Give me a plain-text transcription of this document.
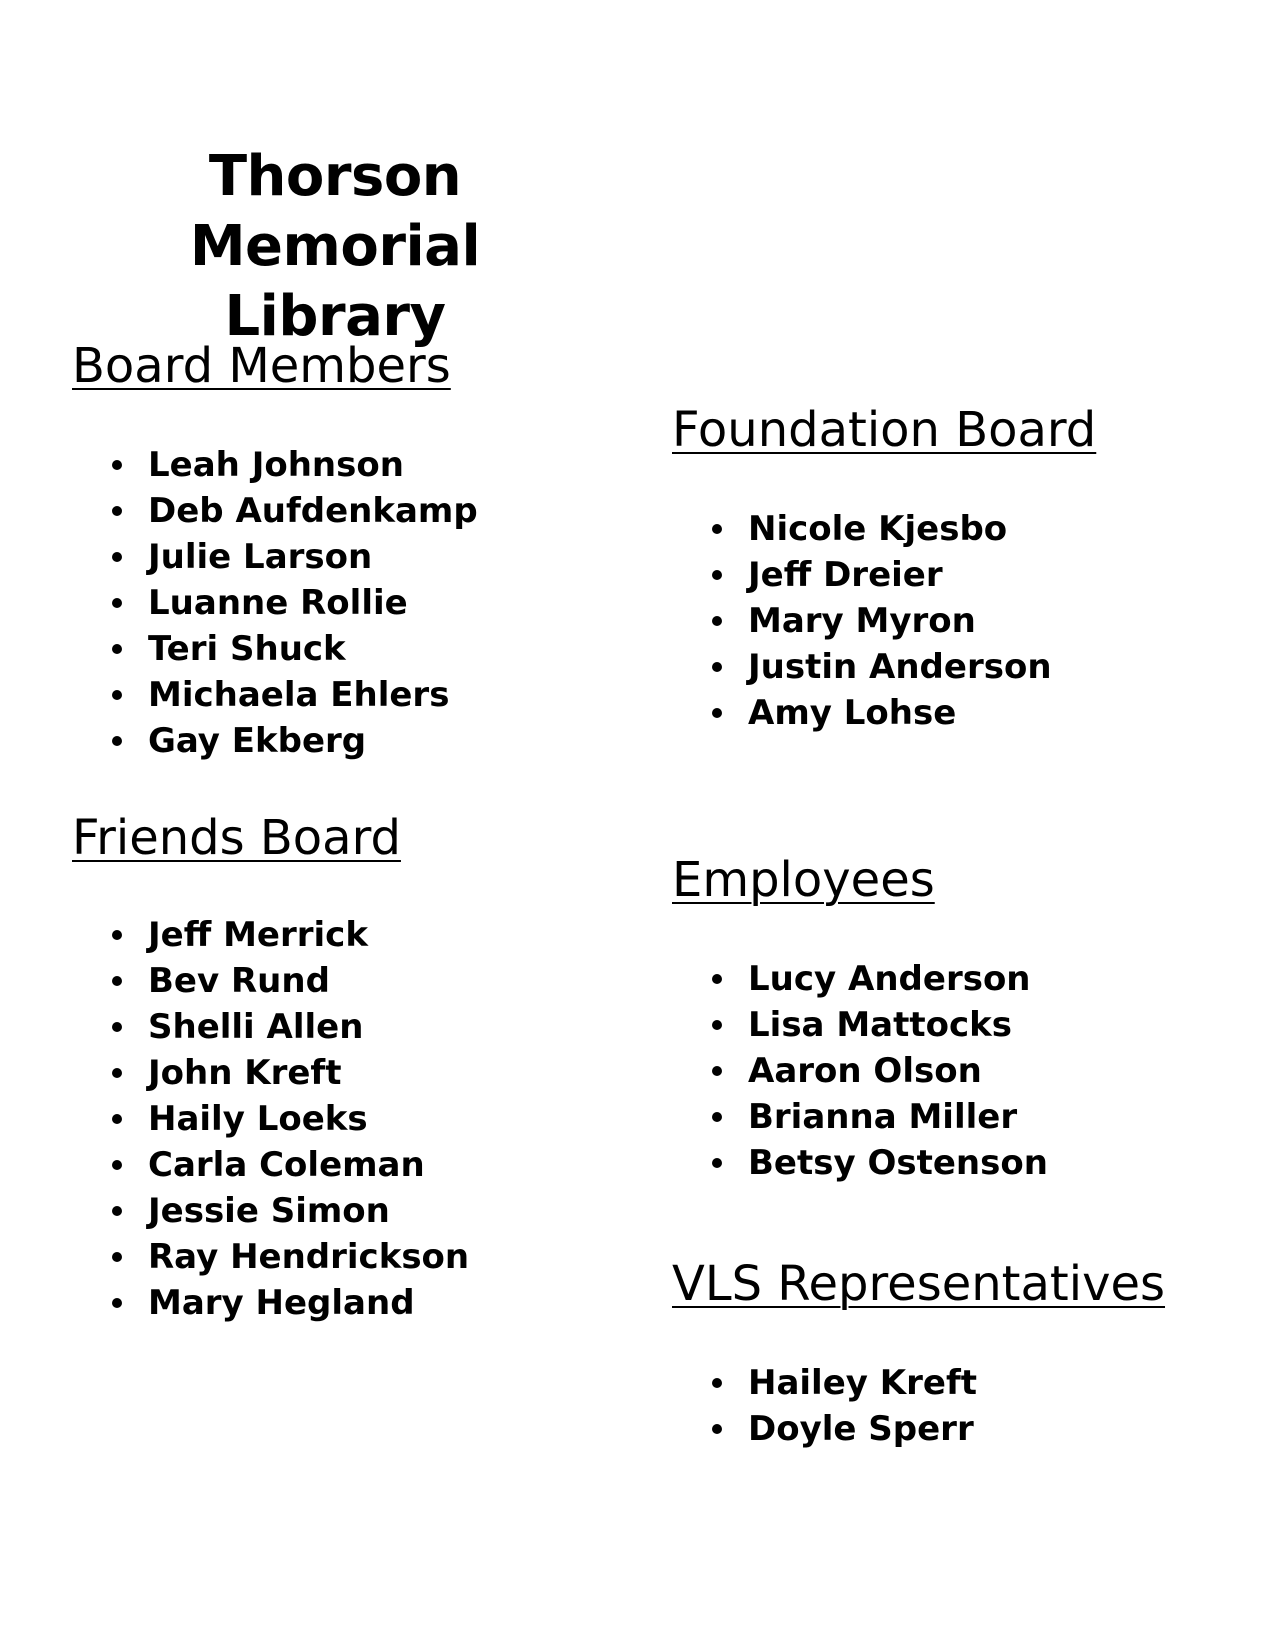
Thorson Memorial Library
Board Members
Leah Johnson
Deb Aufdenkamp
Julie Larson
Luanne Rollie
Teri Shuck
Michaela Ehlers
Gay Ekberg
Friends Board
Jeff Merrick
Bev Rund
Shelli Allen
John Kreft
Haily Loeks
Carla Coleman
Jessie Simon
Ray Hendrickson
Mary Hegland
Foundation Board
Nicole Kjesbo
Jeff Dreier
Mary Myron
Justin Anderson
Amy Lohse
Employees
Lucy Anderson
Lisa Mattocks
Aaron Olson
Brianna Miller
Betsy Ostenson
VLS Representatives
Hailey Kreft
Doyle Sperr
